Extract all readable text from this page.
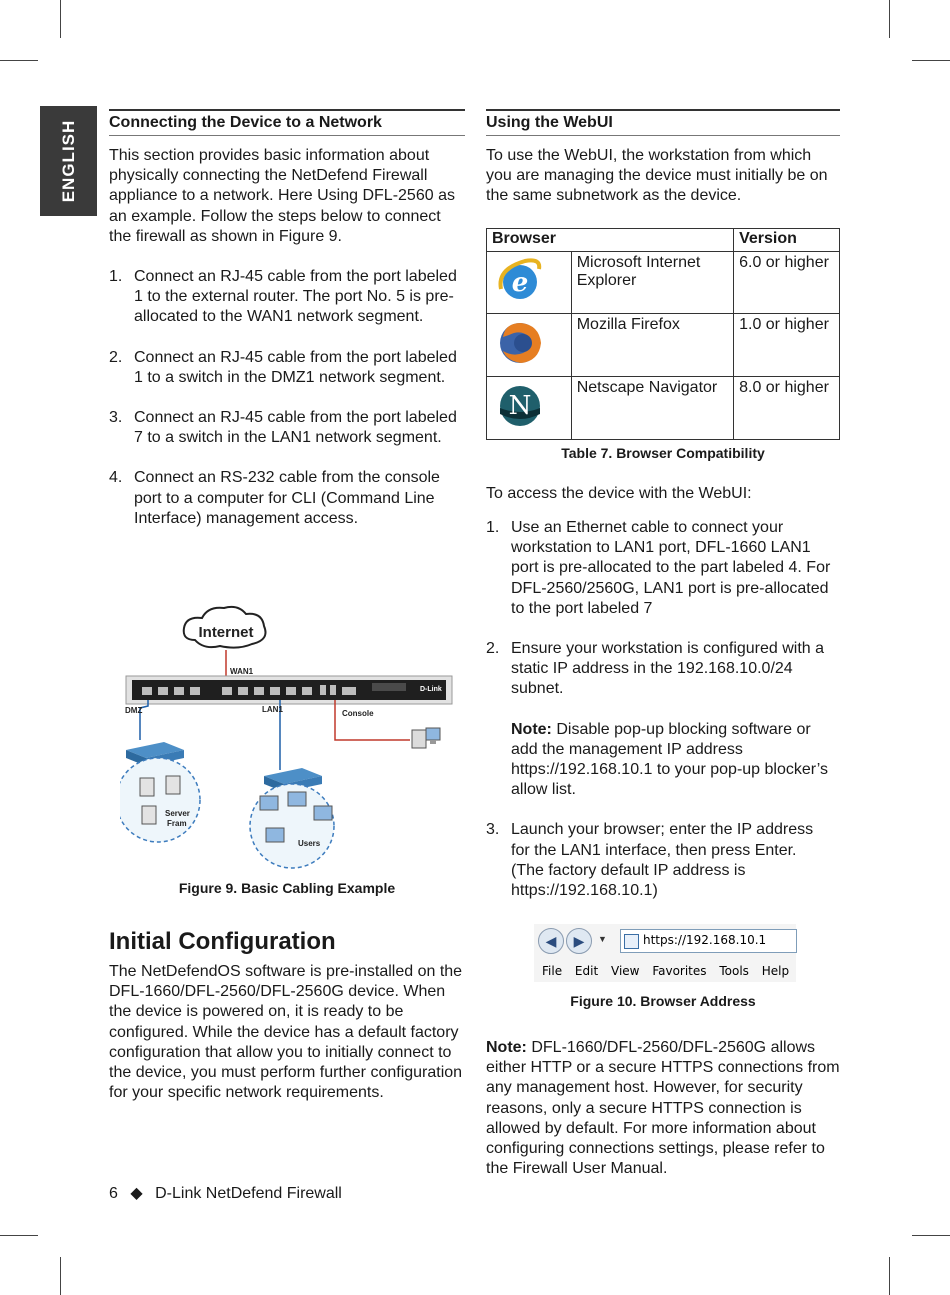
ENGLISH Connecting the Device to a Network

This section provides basic information about physically connecting the NetDefend Firewall appliance to a network. Here Using DFL-2560 as an example. Follow the steps below to connect the firewall as shown in Figure 9.

1. Connect an RJ-45 cable from the port labeled 1 to the external router. The port No. 5 is pre-allocated to the WAN1 network segment.
2. Connect an RJ-45 cable from the port labeled 1 to a switch in the DMZ1 network segment.
3. Connect an RJ-45 cable from the port labeled 7 to a switch in the LAN1 network segment.
4. Connect an RS-232 cable from the console port to a computer for CLI (Command Line Interface) management access.
Internet
WAN1
D-Link
DMZ	LAN1	Console
Server
Fram
Users
Figure 9. Basic Cabling Example
Initial Configuration

The NetDefendOS software is pre-installed on the DFL-1660/DFL-2560/DFL-2560G device. When the device is powered on, it is ready to be configured. While the device has a default factory configuration that allow you to initially connect to the device, you must perform further configuration for your specific network requirements.

Using the WebUI

To use the WebUI, the workstation from which you are managing the device must initially be on the same subnetwork as the device.

Browser		Version

e	Microsoft Internet Explorer	6.0 or higher
	Mozilla Firefox	1.0 or higher

N	Netscape Navigator	8.0 or higher
Table 7. Browser Compatibility

To access the device with the WebUI:

1. Use an Ethernet cable to connect your workstation to LAN1 port, DFL-1660 LAN1 port is pre-allocated to the part labeled 4. For DFL-2560/2560G, LAN1 port is pre-allocated to the port labeled 7
2. Ensure your workstation is configured with a static IP address in the 192.168.10.0/24 subnet.
Note: Disable pop-up blocking software or add the management IP address https://192.168.10.1 to your pop-up blocker’s allow list.
3. Launch your browser; enter the IP address for the LAN1 interface, then press Enter. (The factory default IP address is https://192.168.10.1)
◀	▶	▼	https://192.168.10.1
File Edit View Favorites Tools Help
Figure 10. Browser Address

Note: DFL-1660/DFL-2560/DFL-2560G allows either HTTP or a secure HTTPS connections from any management host. However, for security reasons, only a secure HTTPS connection is allowed by default. For more information about configuring connections settings, please refer to the Firewall User Manual.

6 ◆ D-Link NetDefend Firewall
